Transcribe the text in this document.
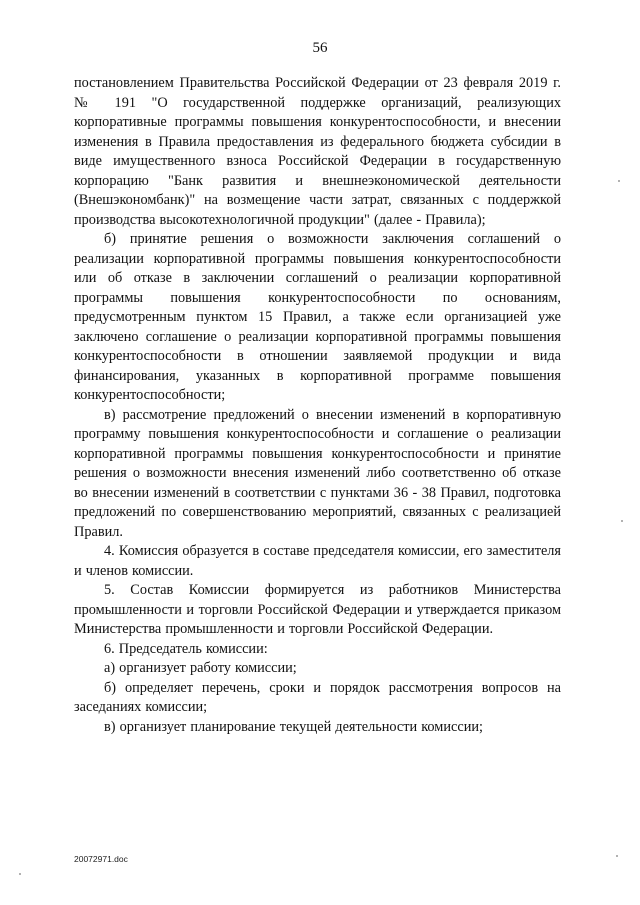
56

постановлением Правительства Российской Федерации от 23 февраля 2019 г. № 191 "О государственной поддержке организаций, реализующих корпоративные программы повышения конкурентоспособности, и внесении изменения в Правила предоставления из федерального бюджета субсидии в виде имущественного взноса Российской Федерации в государственную корпорацию "Банк развития и внешнеэкономической деятельности (Внешэкономбанк)" на возмещение части затрат, связанных с поддержкой производства высокотехнологичной продукции" (далее - Правила);

б) принятие решения о возможности заключения соглашений о реализации корпоративной программы повышения конкурентоспособности или об отказе в заключении соглашений о реализации корпоративной программы повышения конкурентоспособности по основаниям, предусмотренным пунктом 15 Правил, а также если организацией уже заключено соглашение о реализации корпоративной программы повышения конкурентоспособности в отношении заявляемой продукции и вида финансирования, указанных в корпоративной программе повышения конкурентоспособности;

в) рассмотрение предложений о внесении изменений в корпоративную программу повышения конкурентоспособности и соглашение о реализации корпоративной программы повышения конкурентоспособности и принятие решения о возможности внесения изменений либо соответственно об отказе во внесении изменений в соответствии с пунктами 36 - 38 Правил, подготовка предложений по совершенствованию мероприятий, связанных с реализацией Правил.

4. Комиссия образуется в составе председателя комиссии, его заместителя и членов комиссии.

5. Состав Комиссии формируется из работников Министерства промышленности и торговли Российской Федерации и утверждается приказом Министерства промышленности и торговли Российской Федерации.

6. Председатель комиссии:

а) организует работу комиссии;

б) определяет перечень, сроки и порядок рассмотрения вопросов на заседаниях комиссии;

в) организует планирование текущей деятельности комиссии;

20072971.doc
